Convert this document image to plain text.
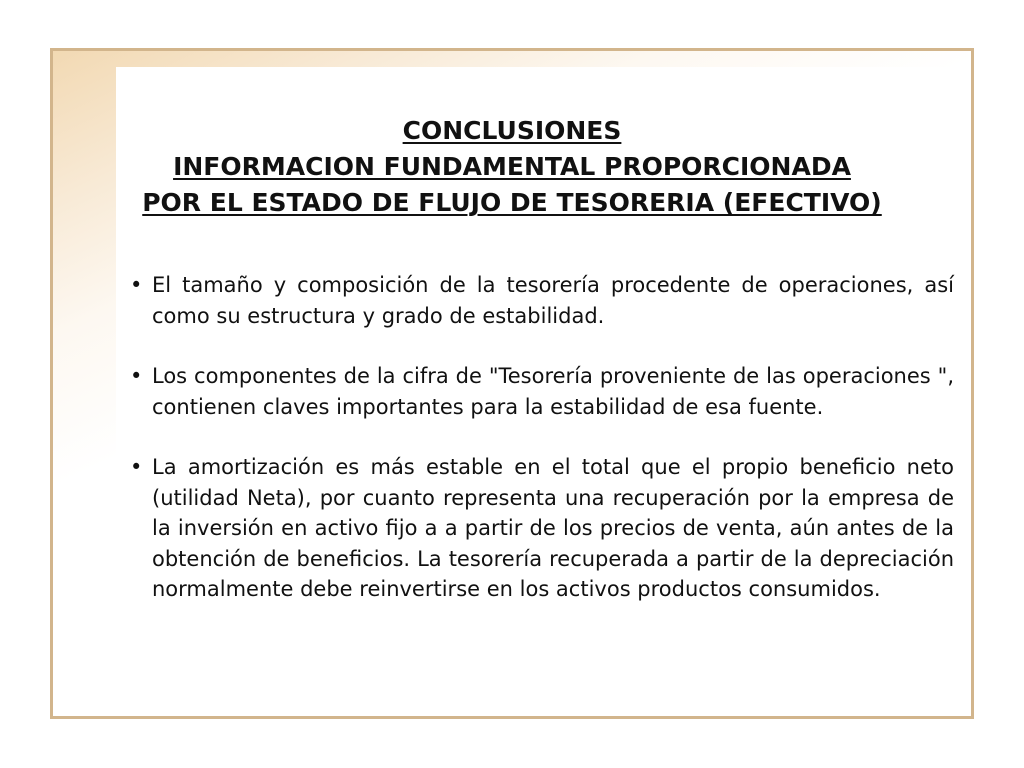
CONCLUSIONES
INFORMACION FUNDAMENTAL PROPORCIONADA
POR EL ESTADO DE FLUJO DE TESORERIA (EFECTIVO)
• El tamaño y composición de la tesorería procedente de operaciones, así como su estructura y grado de estabilidad.
• Los componentes de la cifra de "Tesorería proveniente de las operaciones ", contienen claves importantes para la estabilidad de esa fuente.
• La amortización es más estable en el total que el propio beneficio neto (utilidad Neta), por cuanto representa una recuperación por la empresa de la inversión en activo fijo a a partir de los precios de venta, aún antes de la obtención de beneficios. La tesorería recuperada a partir de la depreciación normalmente debe reinvertirse en los activos productos consumidos.
